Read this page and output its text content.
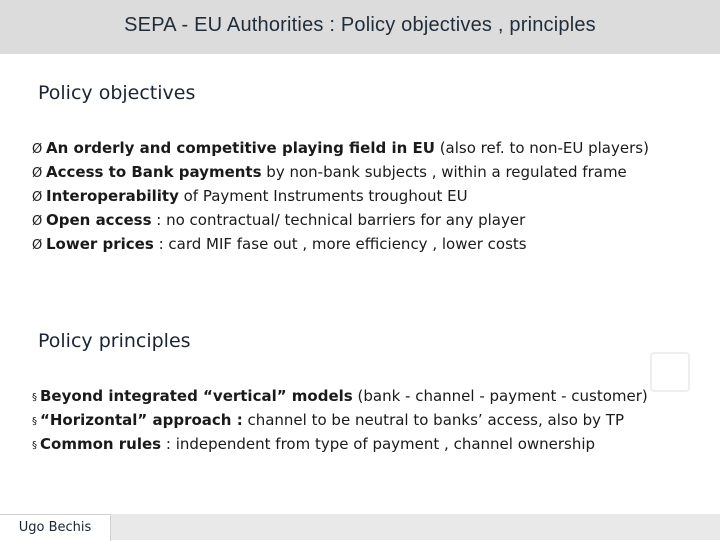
SEPA - EU Authorities : Policy objectives , principles
Policy objectives
Ø An orderly and competitive playing field in EU (also ref. to non-EU players)
Ø Access to Bank payments by non-bank subjects , within a regulated frame
Ø Interoperability of Payment Instruments troughout EU
Ø Open access : no contractual/ technical barriers for any player
Ø Lower prices : card MIF fase out , more efficiency , lower costs
Policy principles
§ Beyond integrated “vertical” models (bank - channel - payment - customer)
§ “Horizontal” approach : channel to be neutral to banks’ access, also by TP
§ Common rules : independent from type of payment , channel ownership
Ugo Bechis
